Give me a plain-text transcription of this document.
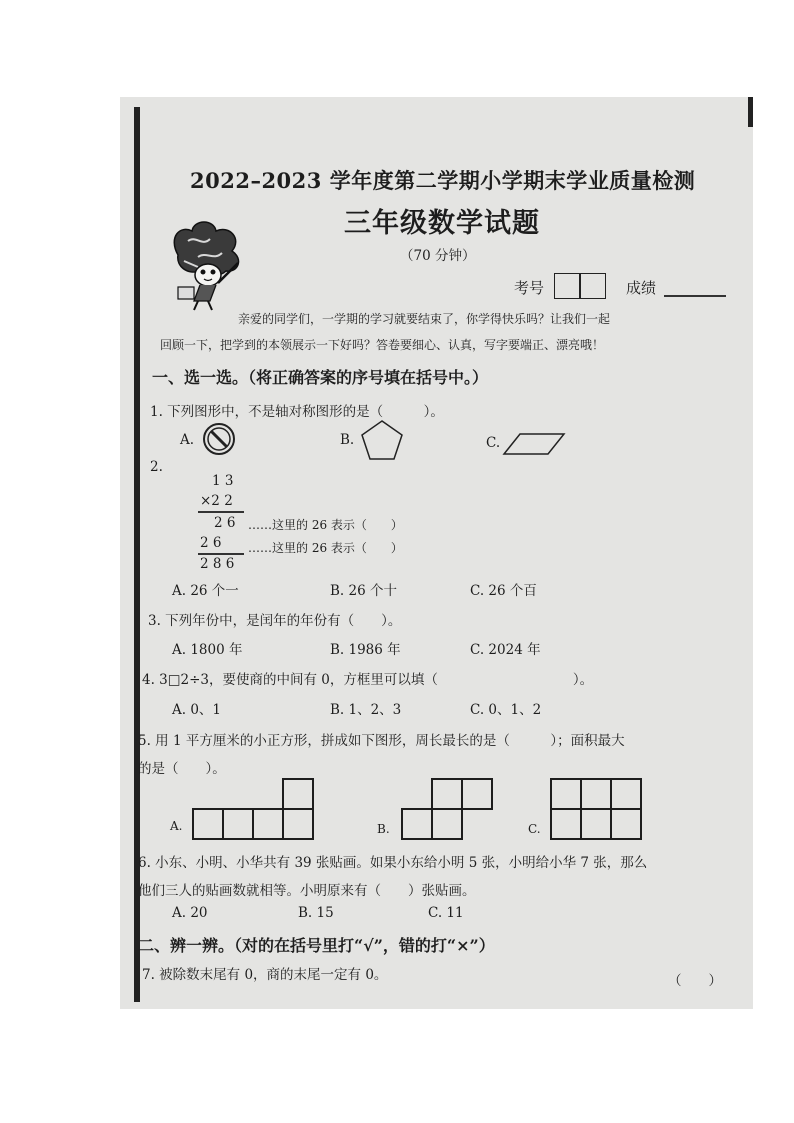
2022–2023 学年度第二学期小学期末学业质量检测
三年级数学试题
（70 分钟）
考号	成绩
亲爱的同学们，一学期的学习就要结束了，你学得快乐吗？让我们一起
回顾一下，把学到的本领展示一下好吗？答卷要细心、认真，写字要端正、漂亮哦！
一、选一选。（将正确答案的序号填在括号中。）
1. 下列图形中，不是轴对称图形的是（　　　）。
A.	B.	C.
2.
1 3
×2 2
2 6 ……这里的 26 表示（　　）
2 6 ……这里的 26 表示（　　）
2 8 6
A. 26 个一	B. 26 个十	C. 26 个百
3. 下列年份中，是闰年的年份有（　　）。
A. 1800 年	B. 1986 年	C. 2024 年
4. 3□2÷3，要使商的中间有 0，方框里可以填（　　　　　　　　　　）。
A. 0、1	B. 1、2、3	C. 0、1、2
5. 用 1 平方厘米的小正方形，拼成如下图形，周长最长的是（　　　）；面积最大
的是（　　）。
A.	B.	C.
6. 小东、小明、小华共有 39 张贴画。如果小东给小明 5 张，小明给小华 7 张，那么
他们三人的贴画数就相等。小明原来有（　　）张贴画。
A. 20	B. 15	C. 11
二、辨一辨。（对的在括号里打“√”，错的打“×”）
7. 被除数末尾有 0，商的末尾一定有 0。	（　　）
